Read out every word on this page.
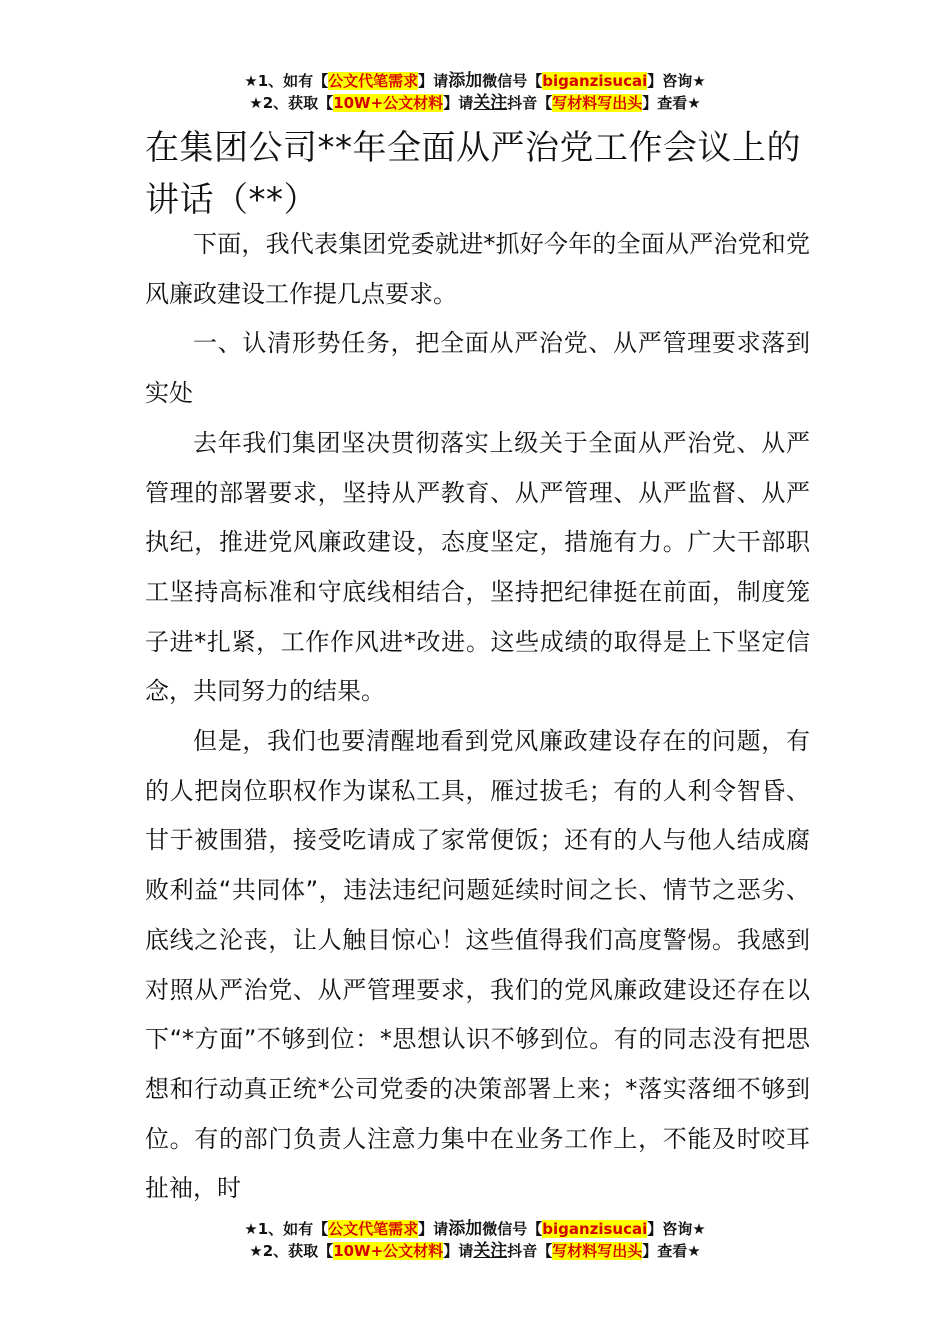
★1、如有【公文代笔需求】请添加微信号【biganzisucai】咨询★
★2、获取【10W+公文材料】请关注抖音【写材料写出头】查看★
在集团公司**年全面从严治党工作会议上的讲话（**）

下面，我代表集团党委就进*抓好今年的全面从严治党和党风廉政建设工作提几点要求。

一、认清形势任务，把全面从严治党、从严管理要求落到实处

去年我们集团坚决贯彻落实上级关于全面从严治党、从严管理的部署要求，坚持从严教育、从严管理、从严监督、从严执纪，推进党风廉政建设，态度坚定，措施有力。广大干部职工坚持高标准和守底线相结合，坚持把纪律挺在前面，制度笼子进*扎紧，工作作风进*改进。这些成绩的取得是上下坚定信念，共同努力的结果。

但是，我们也要清醒地看到党风廉政建设存在的问题，有的人把岗位职权作为谋私工具，雁过拔毛；有的人利令智昏、甘于被围猎，接受吃请成了家常便饭；还有的人与他人结成腐败利益“共同体”，违法违纪问题延续时间之长、情节之恶劣、底线之沦丧，让人触目惊心！这些值得我们高度警惕。我感到对照从严治党、从严管理要求，我们的党风廉政建设还存在以下“*方面”不够到位：*思想认识不够到位。有的同志没有把思想和行动真正统*公司党委的决策部署上来；*落实落细不够到位。有的部门负责人注意力集中在业务工作上，不能及时咬耳扯袖，时

★1、如有【公文代笔需求】请添加微信号【biganzisucai】咨询★
★2、获取【10W+公文材料】请关注抖音【写材料写出头】查看★
